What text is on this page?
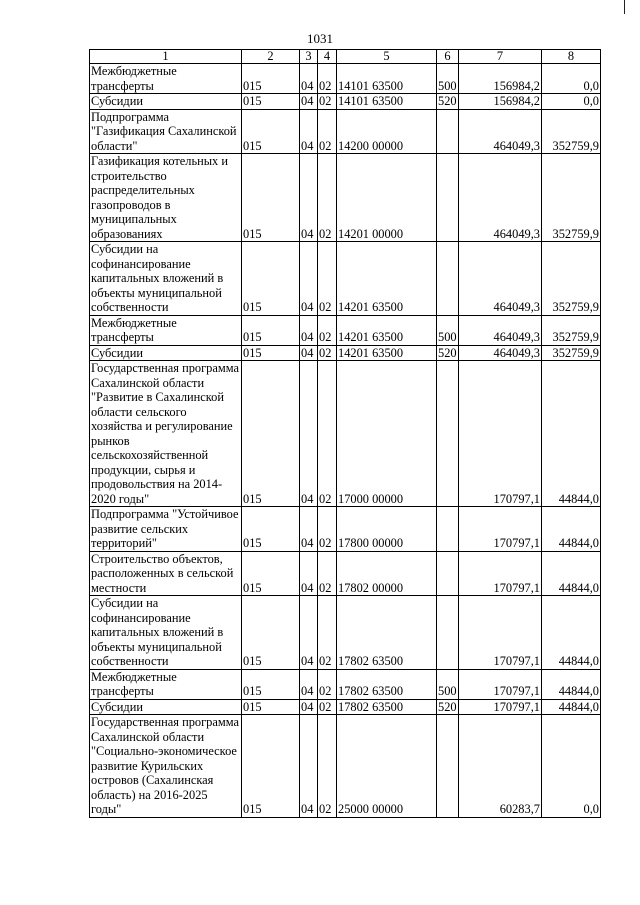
1031
1	2	3	4	5	6	7	8
Межбюджетные трансферты	015	04	02	14101 63500	500	156984,2	0,0
Субсидии	015	04	02	14101 63500	520	156984,2	0,0
Подпрограмма "Газификация Сахалинской области"	015	04	02	14200 00000		464049,3	352759,9
Газификация котельных и строительство распределительных газопроводов в муниципальных образованиях	015	04	02	14201 00000		464049,3	352759,9
Субсидии на софинансирование капитальных вложений в объекты муниципальной собственности	015	04	02	14201 63500		464049,3	352759,9
Межбюджетные трансферты	015	04	02	14201 63500	500	464049,3	352759,9
Субсидии	015	04	02	14201 63500	520	464049,3	352759,9
Государственная программа Сахалинской области "Развитие в Сахалинской области сельского хозяйства и регулирование рынков сельскохозяйственной продукции, сырья и продовольствия на 2014-2020 годы"	015	04	02	17000 00000		170797,1	44844,0
Подпрограмма "Устойчивое развитие сельских территорий"	015	04	02	17800 00000		170797,1	44844,0
Строительство объектов, расположенных в сельской местности	015	04	02	17802 00000		170797,1	44844,0
Субсидии на софинансирование капитальных вложений в объекты муниципальной собственности	015	04	02	17802 63500		170797,1	44844,0
Межбюджетные трансферты	015	04	02	17802 63500	500	170797,1	44844,0
Субсидии	015	04	02	17802 63500	520	170797,1	44844,0
Государственная программа Сахалинской области "Социально-экономическое развитие Курильских островов (Сахалинская область) на 2016-2025 годы"	015	04	02	25000 00000		60283,7	0,0
